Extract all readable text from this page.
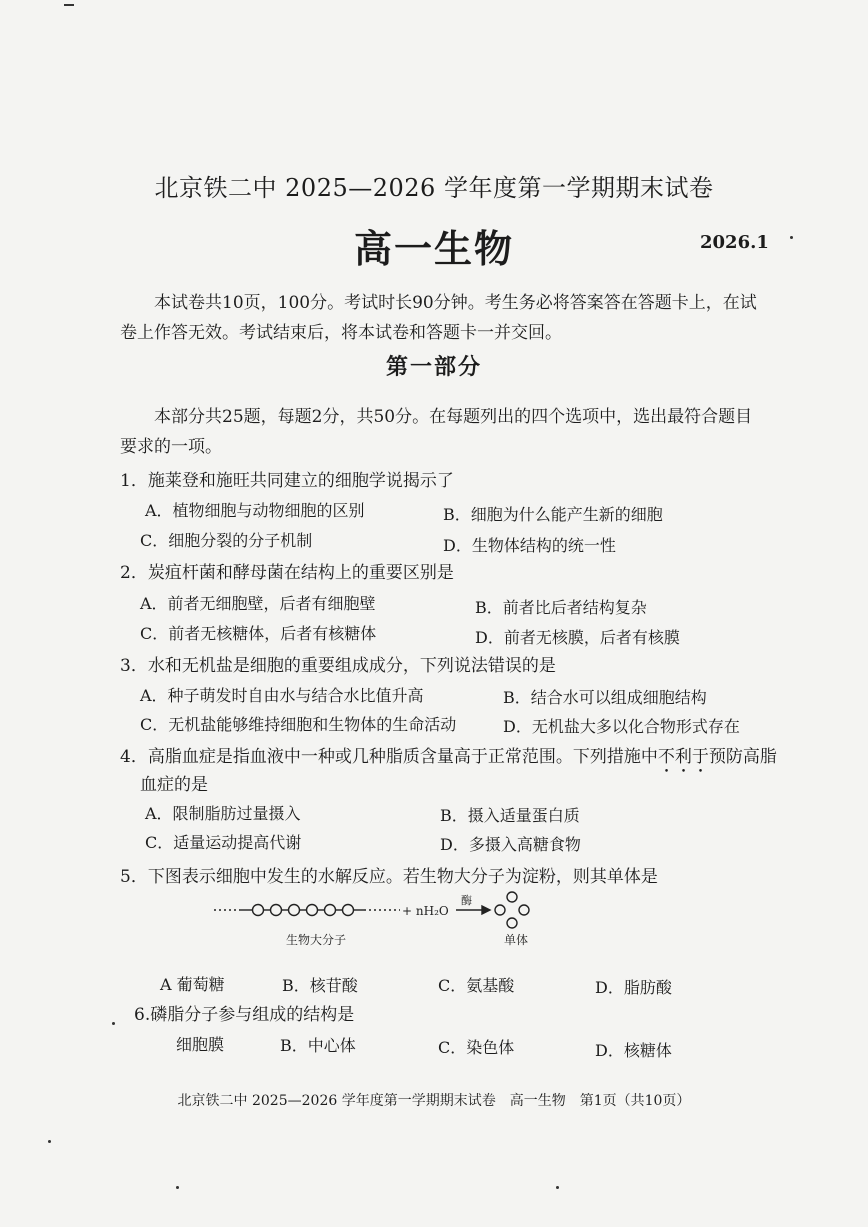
北京铁二中 2025—2026 学年度第一学期期末试卷
高一生物	2026.1
本试卷共10页，100分。考试时长90分钟。考生务必将答案答在答题卡上，在试卷上作答无效。考试结束后，将本试卷和答题卡一并交回。
第一部分
本部分共25题，每题2分，共50分。在每题列出的四个选项中，选出最符合题目要求的一项。
1．施莱登和施旺共同建立的细胞学说揭示了
A．植物细胞与动物细胞的区别	B．细胞为什么能产生新的细胞
C．细胞分裂的分子机制	D．生物体结构的统一性
2．炭疽杆菌和酵母菌在结构上的重要区别是
A．前者无细胞壁，后者有细胞壁	B．前者比后者结构复杂
C．前者无核糖体，后者有核糖体	D．前者无核膜，后者有核膜
3．水和无机盐是细胞的重要组成成分，下列说法错误的是
A．种子萌发时自由水与结合水比值升高	B．结合水可以组成细胞结构
C．无机盐能够维持细胞和生物体的生命活动	D．无机盐大多以化合物形式存在
4．高脂血症是指血液中一种或几种脂质含量高于正常范围。下列措施中不利于预防高脂
血症的是
A．限制脂肪过量摄入	B．摄入适量蛋白质
C．适量运动提高代谢	D．多摄入高糖食物
5．下图表示细胞中发生的水解反应。若生物大分子为淀粉，则其单体是
+ nH₂O
酶
生物大分子	单体
A 葡萄糖	B．核苷酸	C．氨基酸	D．脂肪酸
6.磷脂分子参与组成的结构是
细胞膜	B．中心体	C．染色体	D．核糖体
北京铁二中 2025—2026 学年度第一学期期末试卷　高一生物　第1页（共10页）
